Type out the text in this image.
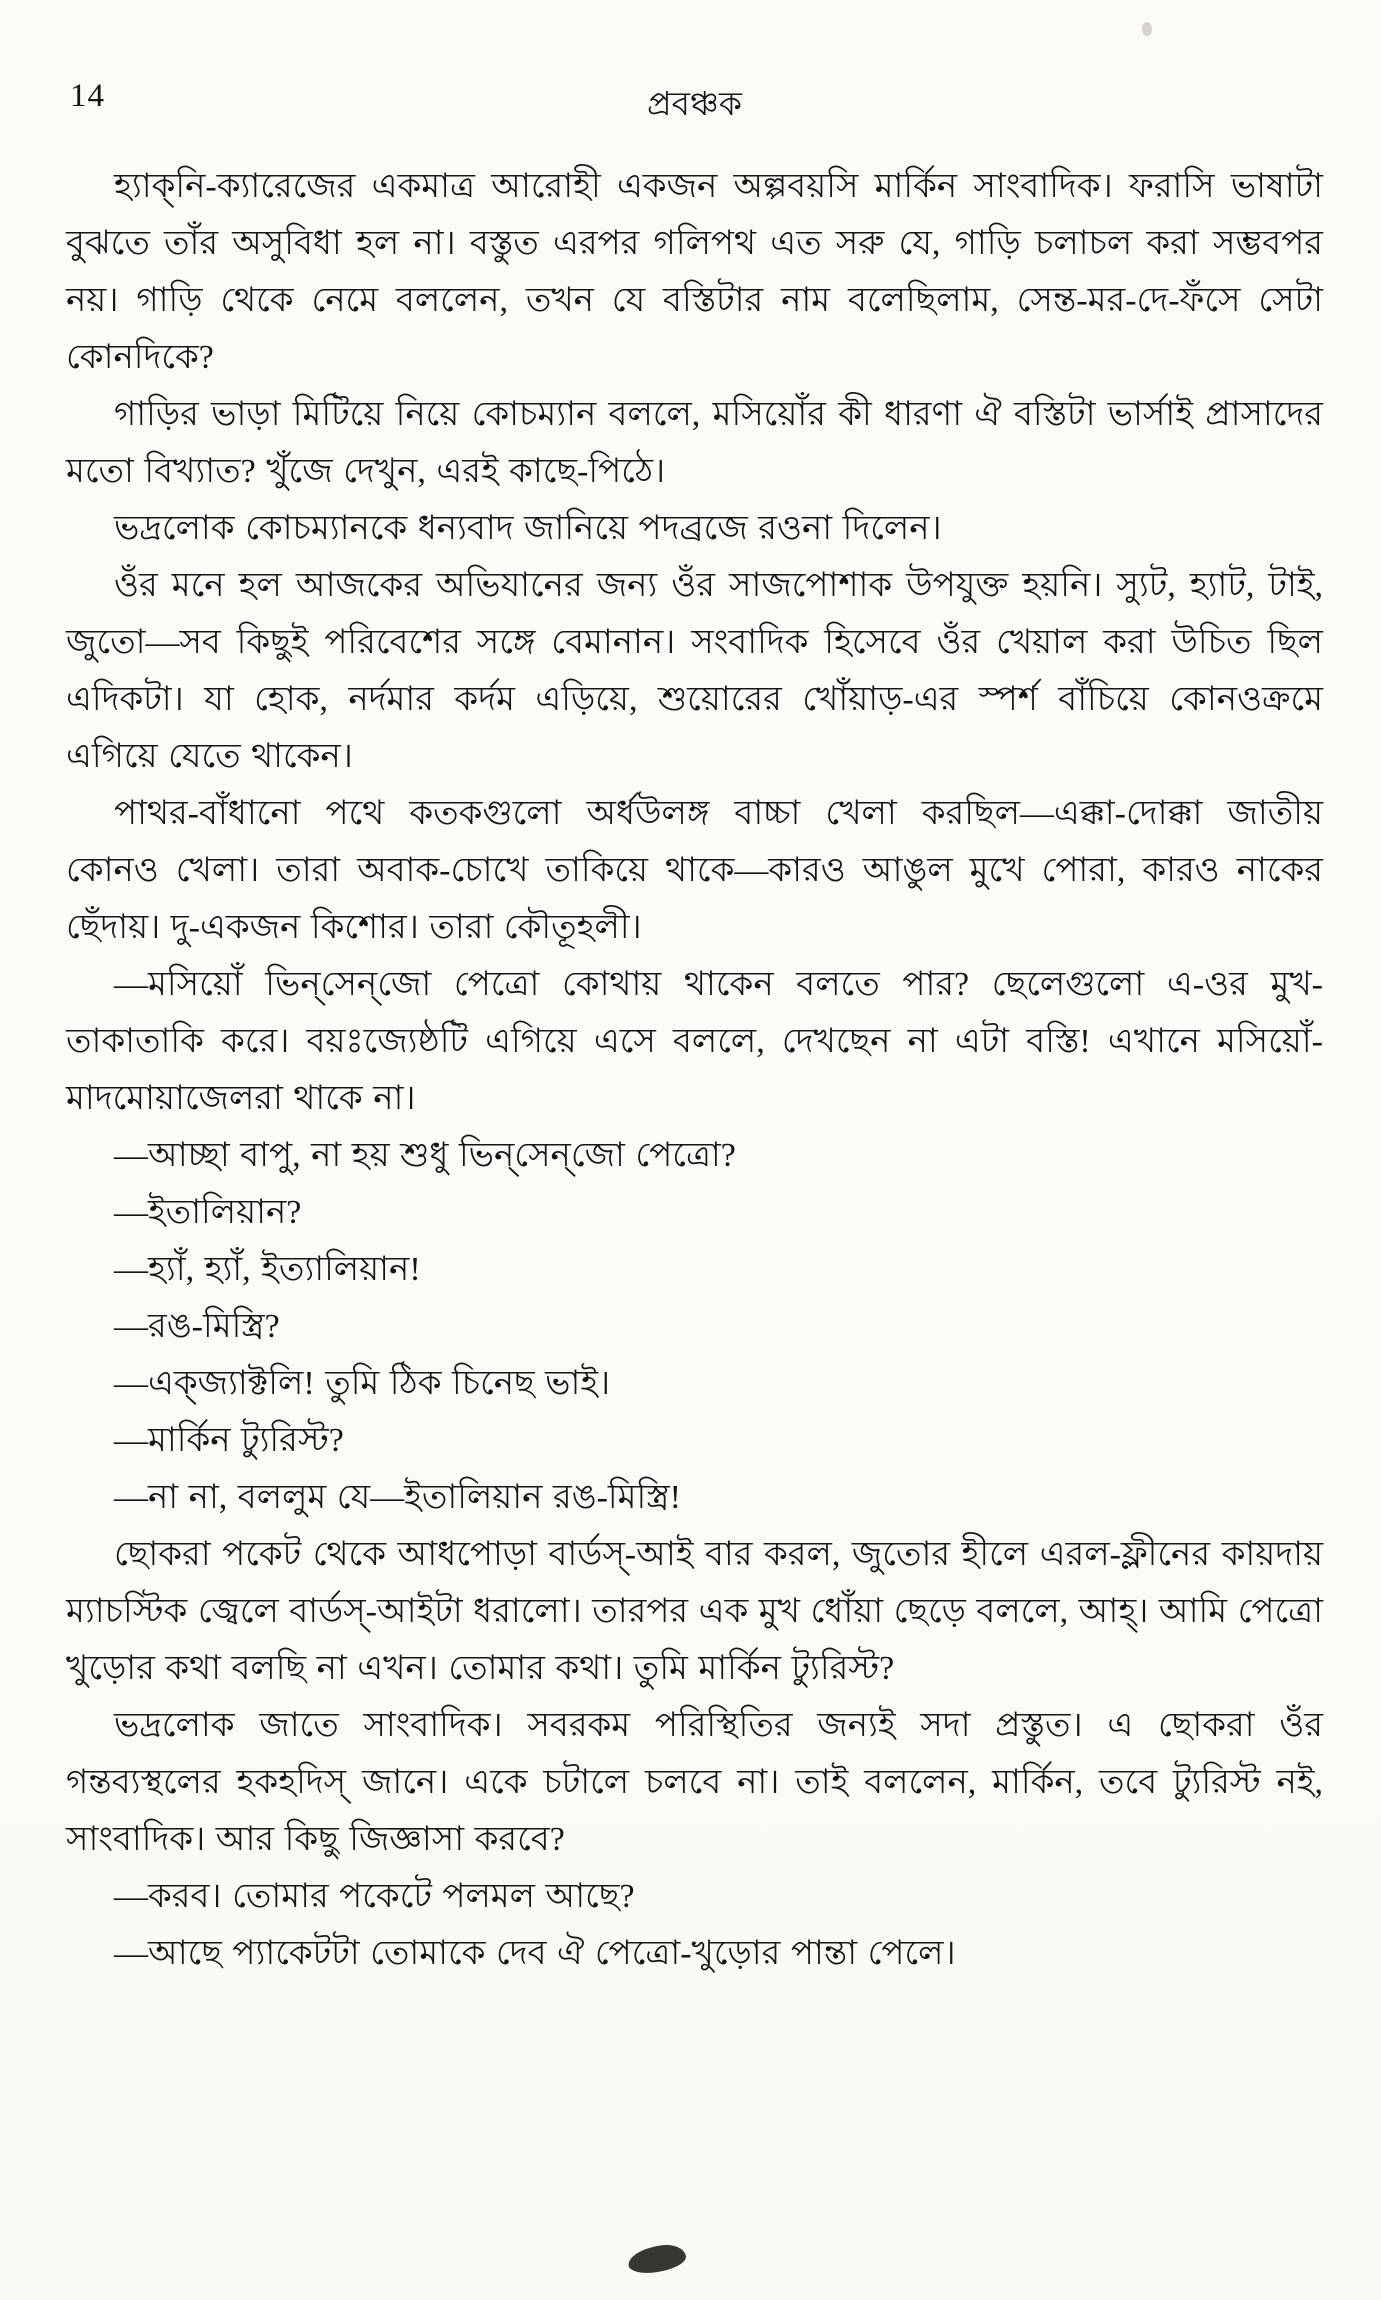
14	প্রবঞ্চক

হ্যাক্‌নি-ক্যারেজের একমাত্র আরোহী একজন অল্পবয়সি মার্কিন সাংবাদিক। ফরাসি ভাষাটা বুঝতে তাঁর অসুবিধা হল না। বস্তুত এরপর গলিপথ এত সরু যে, গাড়ি চলাচল করা সম্ভবপর নয়। গাড়ি থেকে নেমে বললেন, তখন যে বস্তিটার নাম বলেছিলাম, সেন্ত-মর-দে-ফঁসে সেটা কোনদিকে?

গাড়ির ভাড়া মিটিয়ে নিয়ে কোচম্যান বললে, মসিয়োঁর কী ধারণা ঐ বস্তিটা ভার্সাই প্রাসাদের মতো বিখ্যাত? খুঁজে দেখুন, এরই কাছে-পিঠে।

ভদ্রলোক কোচম্যানকে ধন্যবাদ জানিয়ে পদব্রজে রওনা দিলেন।

ওঁর মনে হল আজকের অভিযানের জন্য ওঁর সাজপোশাক উপযুক্ত হয়নি। স্যুট, হ্যাট, টাই, জুতো—সব কিছুই পরিবেশের সঙ্গে বেমানান। সংবাদিক হিসেবে ওঁর খেয়াল করা উচিত ছিল এদিকটা। যা হোক, নর্দমার কর্দম এড়িয়ে, শুয়োরের খোঁয়াড়-এর স্পর্শ বাঁচিয়ে কোনওক্রমে এগিয়ে যেতে থাকেন।

পাথর-বাঁধানো পথে কতকগুলো অর্ধউলঙ্গ বাচ্চা খেলা করছিল—এক্কা-দোক্কা জাতীয় কোনও খেলা। তারা অবাক-চোখে তাকিয়ে থাকে—কারও আঙুল মুখে পোরা, কারও নাকের ছেঁদায়। দু-একজন কিশোর। তারা কৌতূহলী।

—মসিয়োঁ ভিন্‌সেন্‌জো পেত্রো কোথায় থাকেন বলতে পার? ছেলেগুলো এ-ওর মুখ-তাকাতাকি করে। বয়ঃজ্যেষ্ঠটি এগিয়ে এসে বললে, দেখছেন না এটা বস্তি! এখানে মসিয়োঁ-মাদমোয়াজেলরা থাকে না।

—আচ্ছা বাপু, না হয় শুধু ভিন্‌সেন্‌জো পেত্রো?

—ইতালিয়ান?

—হ্যাঁ, হ্যাঁ, ইত্যালিয়ান!

—রঙ-মিস্ত্রি?

—এক্‌জ্যাক্টলি! তুমি ঠিক চিনেছ ভাই।

—মার্কিন ট্যুরিস্ট?

—না না, বললুম যে—ইতালিয়ান রঙ-মিস্ত্রি!

ছোকরা পকেট থেকে আধপোড়া বার্ডস্‌-আই বার করল, জুতোর হীলে এরল-ফ্লীনের কায়দায় ম্যাচস্টিক জ্বেলে বার্ডস্‌-আইটা ধরালো। তারপর এক মুখ ধোঁয়া ছেড়ে বললে, আহ্‌। আমি পেত্রো খুড়োর কথা বলছি না এখন। তোমার কথা। তুমি মার্কিন ট্যুরিস্ট?

ভদ্রলোক জাতে সাংবাদিক। সবরকম পরিস্থিতির জন্যই সদা প্রস্তুত। এ ছোকরা ওঁর গন্তব্যস্থলের হকহদিস্‌ জানে। একে চটালে চলবে না। তাই বললেন, মার্কিন, তবে ট্যুরিস্ট নই, সাংবাদিক। আর কিছু জিজ্ঞাসা করবে?

—করব। তোমার পকেটে পলমল আছে?

—আছে প্যাকেটটা তোমাকে দেব ঐ পেত্রো-খুড়োর পান্তা পেলে।
